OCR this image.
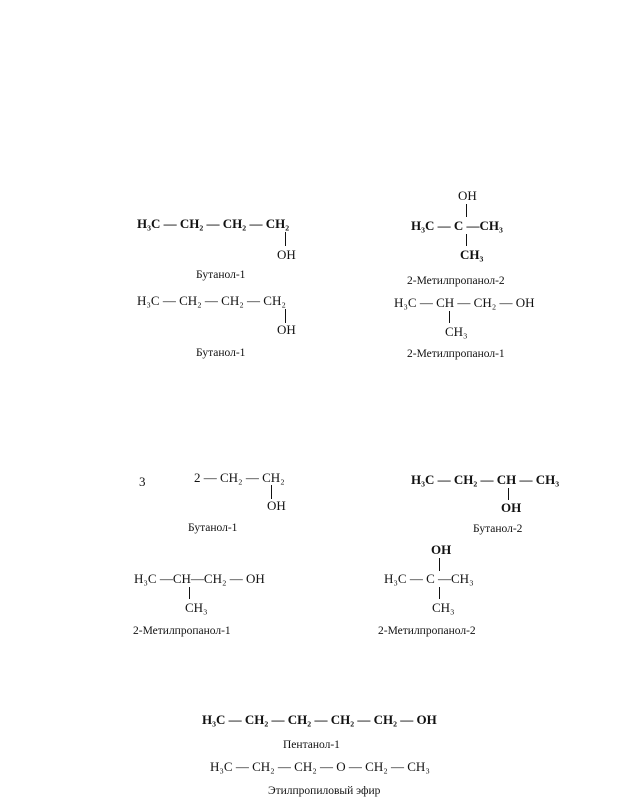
H₃C — CH₂ — CH₂ — CH₂
OH
Бутанол-1
OH
H₃C — C —CH₃
CH₃
2-Метилпропанол-2
H₃C — CH₂ — CH₂ — CH₂
OH
Бутанол-1
H₃C — CH — CH₂ — OH
CH₃
2-Метилпропанол-1
3	2 — CH₂ — CH₂
OH
Бутанол-1
H₃C — CH₂ — CH — CH₃
OH
Бутанол-2
H₃C —CH—CH₂ — OH
CH₃
2-Метилпропанол-1
OH
H₃C — C —CH₃
CH₃
2-Метилпропанол-2
H₃C — CH₂ — CH₂ — CH₂ — CH₂ — OH
Пентанол-1
H₃C — CH₂ — CH₂ — O — CH₂ — CH₃
Этилпропиловый эфир
